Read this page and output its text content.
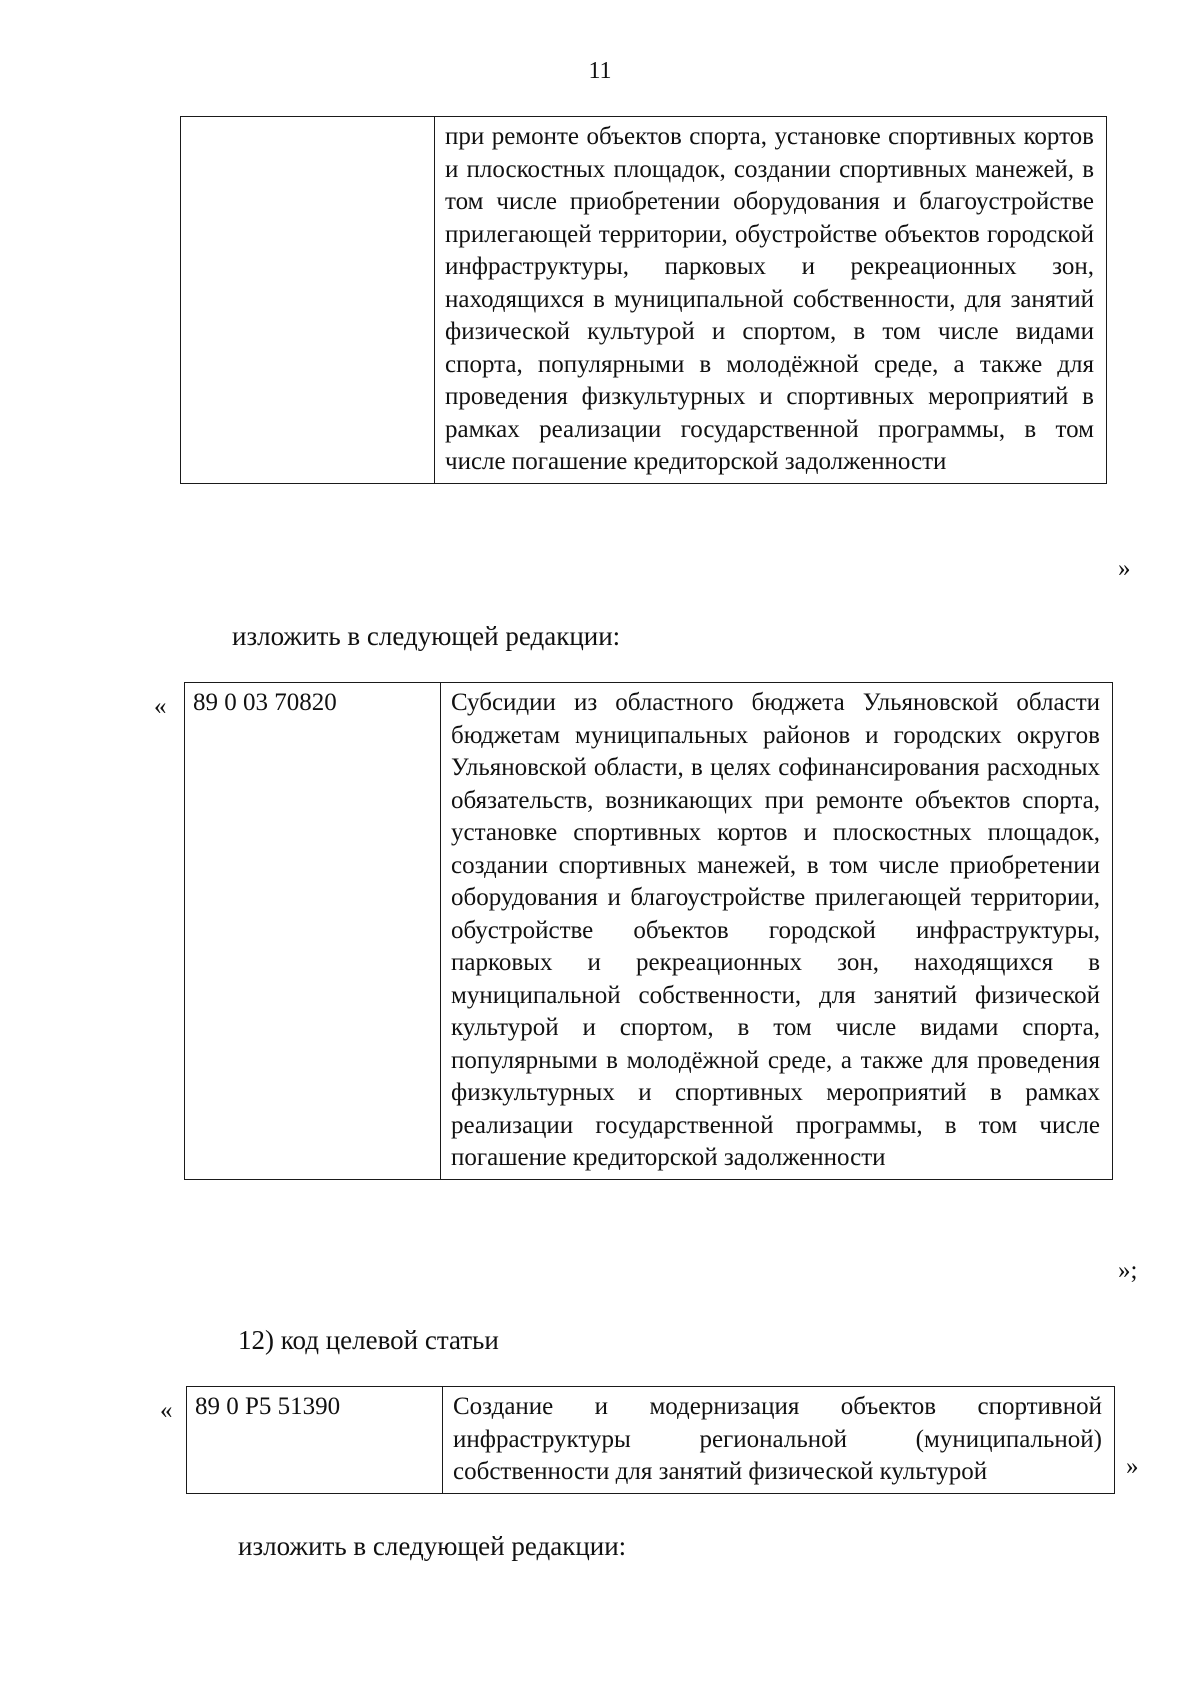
11
	при ремонте объектов спорта, установке спортивных кортов и плоскостных площадок, создании спортивных манежей, в том числе приобретении оборудования и благоустройстве прилегающей территории, обустройстве объектов городской инфраструктуры, парковых и рекреационных зон, находящихся в муниципальной собственности, для занятий физической культурой и спортом, в том числе видами спорта, популярными в молодёжной среде, а также для проведения физкультурных и спортивных мероприятий в рамках реализации государственной программы, в том числе погашение кредиторской задолженности
»
изложить в следующей редакции:
« 89 0 03 70820	Субсидии из областного бюджета Ульяновской области бюджетам муниципальных районов и городских округов Ульяновской области, в целях софинансирования расходных обязательств, возникающих при ремонте объектов спорта, установке спортивных кортов и плоскостных площадок, создании спортивных манежей, в том числе приобретении оборудования и благоустройстве прилегающей территории, обустройстве объектов городской инфраструктуры, парковых и рекреационных зон, находящихся в муниципальной собственности, для занятий физической культурой и спортом, в том числе видами спорта, популярными в молодёжной среде, а также для проведения физкультурных и спортивных мероприятий в рамках реализации государственной программы, в том числе погашение кредиторской задолженности
»;
12) код целевой статьи
« 89 0 P5 51390	Создание и модернизация объектов спортивной инфраструктуры региональной (муниципальной) собственности для занятий физической культурой	»
изложить в следующей редакции:
